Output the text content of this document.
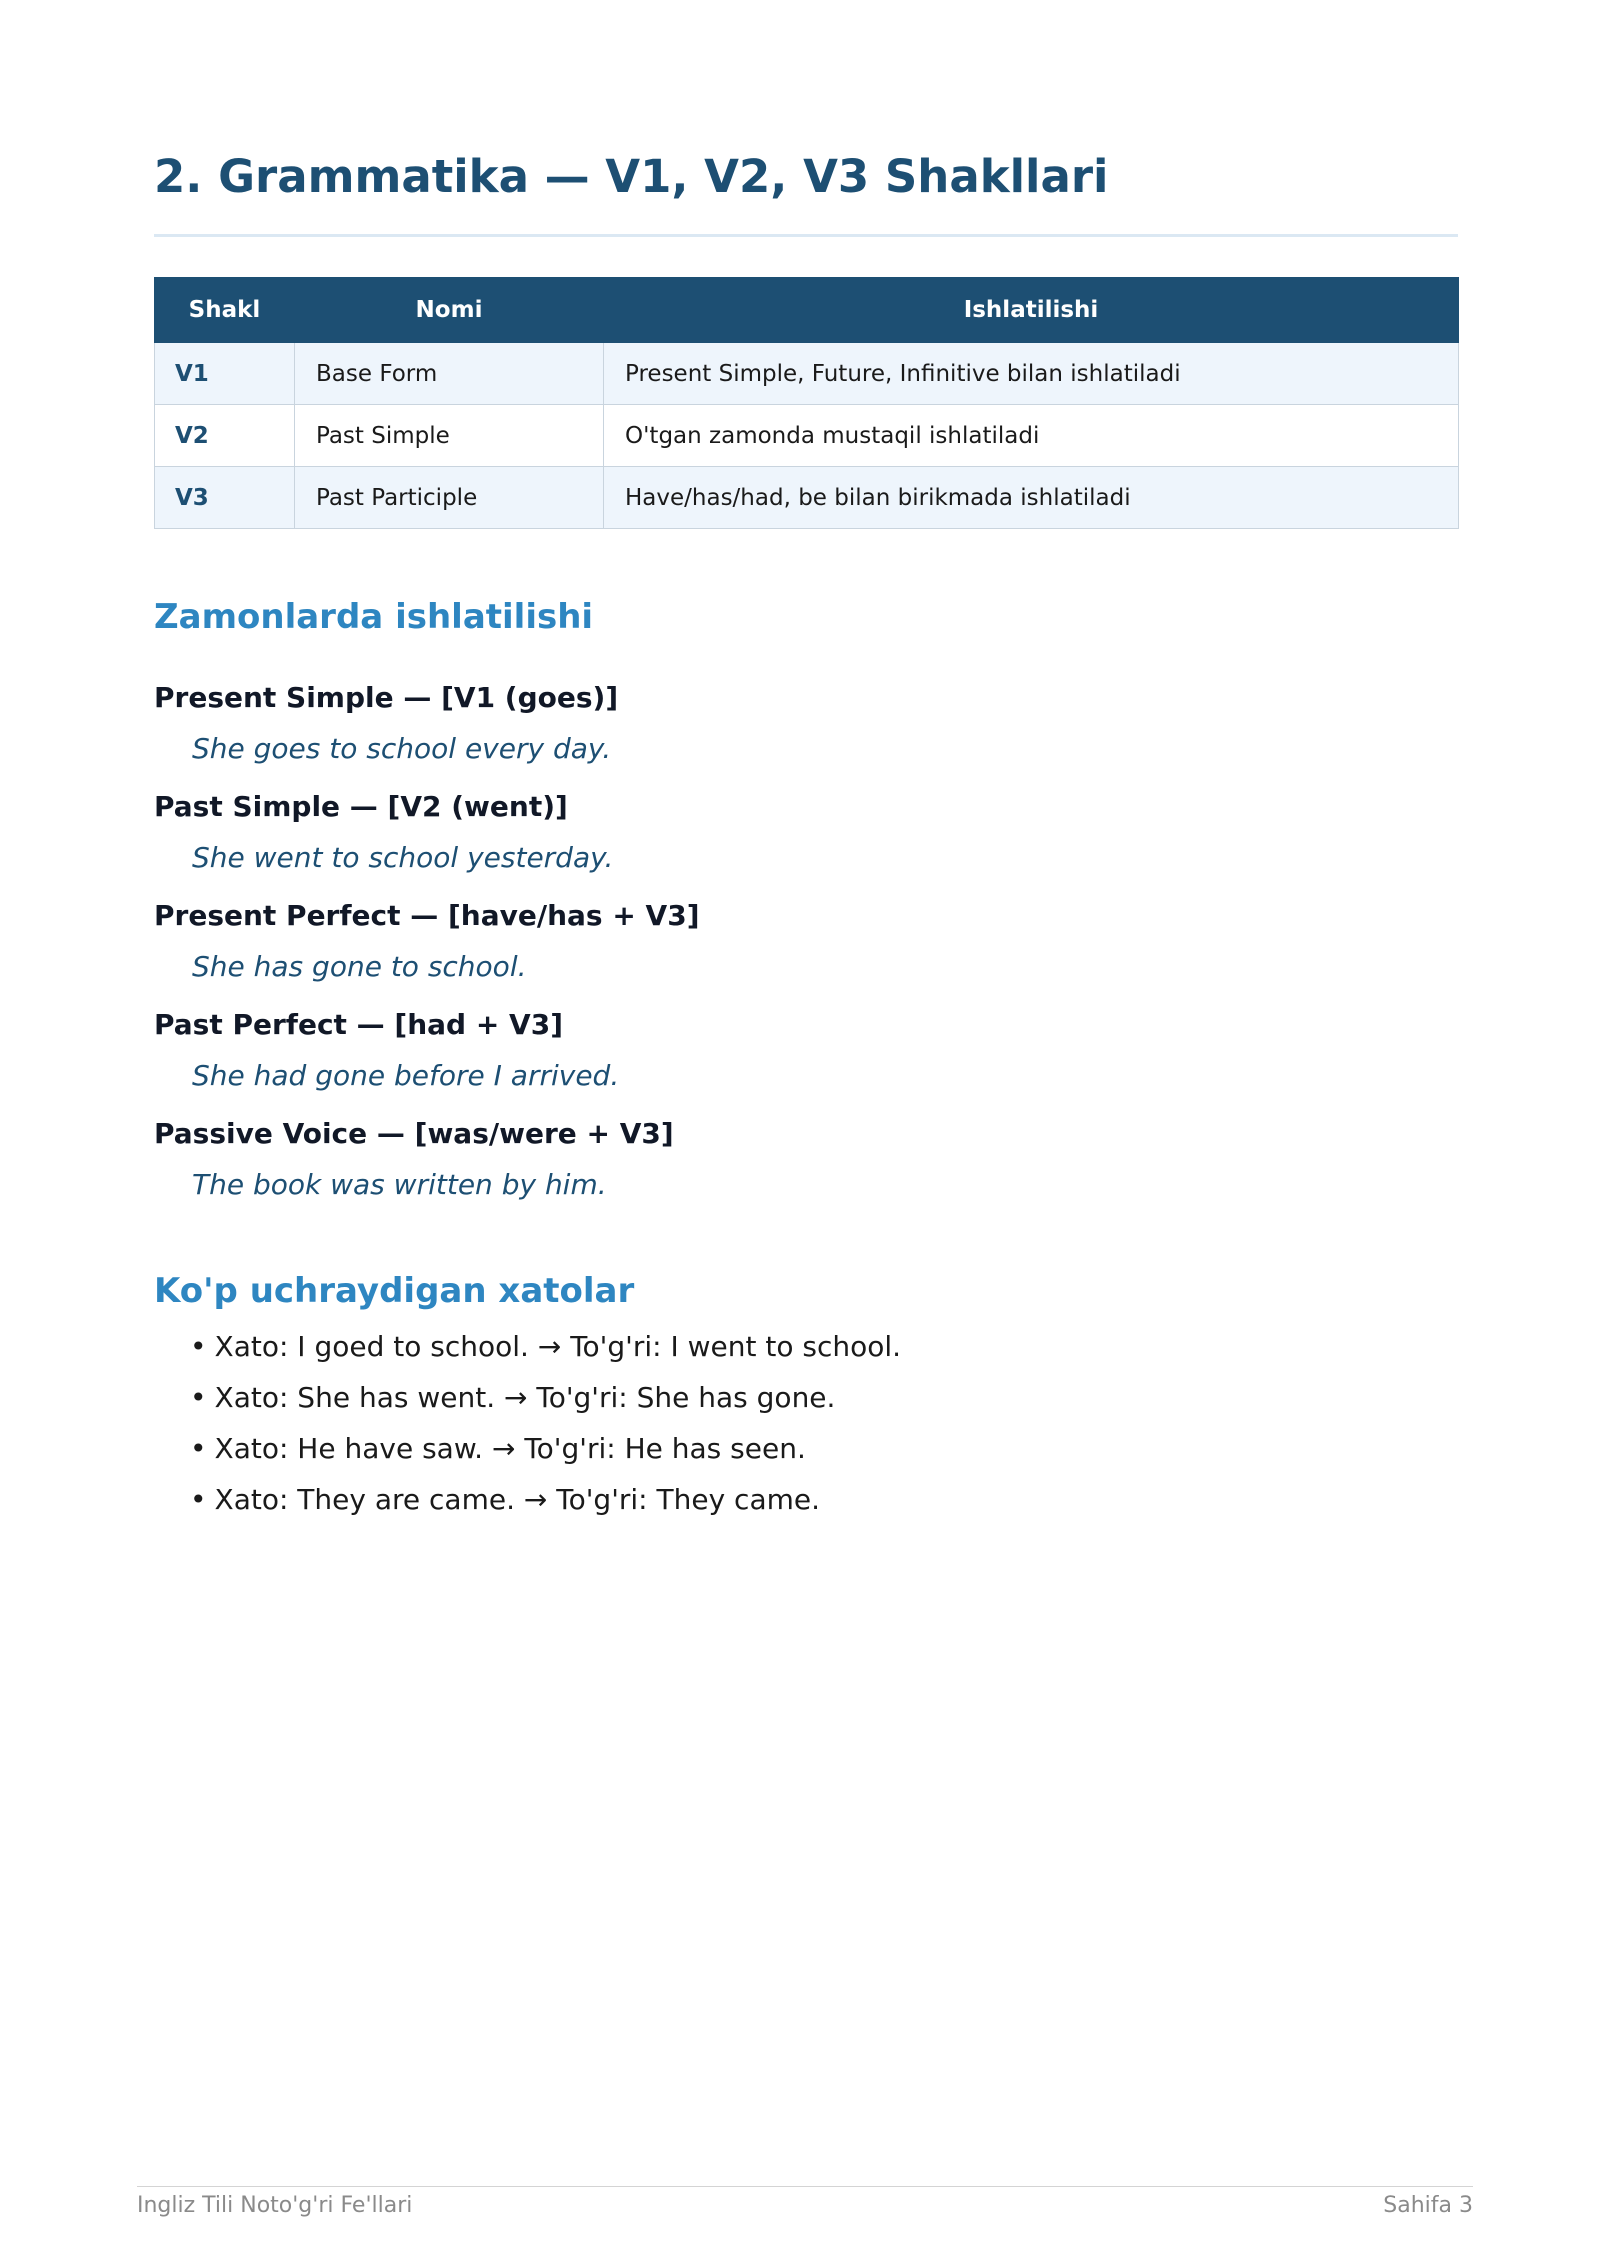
2. Grammatika — V1, V2, V3 Shakllari
Shakl	Nomi	Ishlatilishi
V1	Base Form	Present Simple, Future, Infinitive bilan ishlatiladi
V2	Past Simple	O'tgan zamonda mustaqil ishlatiladi
V3	Past Participle	Have/has/had, be bilan birikmada ishlatiladi
Zamonlarda ishlatilishi
Present Simple — [V1 (goes)]
She goes to school every day.
Past Simple — [V2 (went)]
She went to school yesterday.
Present Perfect — [have/has + V3]
She has gone to school.
Past Perfect — [had + V3]
She had gone before I arrived.
Passive Voice — [was/were + V3]
The book was written by him.
Ko'p uchraydigan xatolar
• Xato: I goed to school. → To'g'ri: I went to school.
• Xato: She has went. → To'g'ri: She has gone.
• Xato: He have saw. → To'g'ri: He has seen.
• Xato: They are came. → To'g'ri: They came.
Ingliz Tili Noto'g'ri Fe'llari	Sahifa 3
